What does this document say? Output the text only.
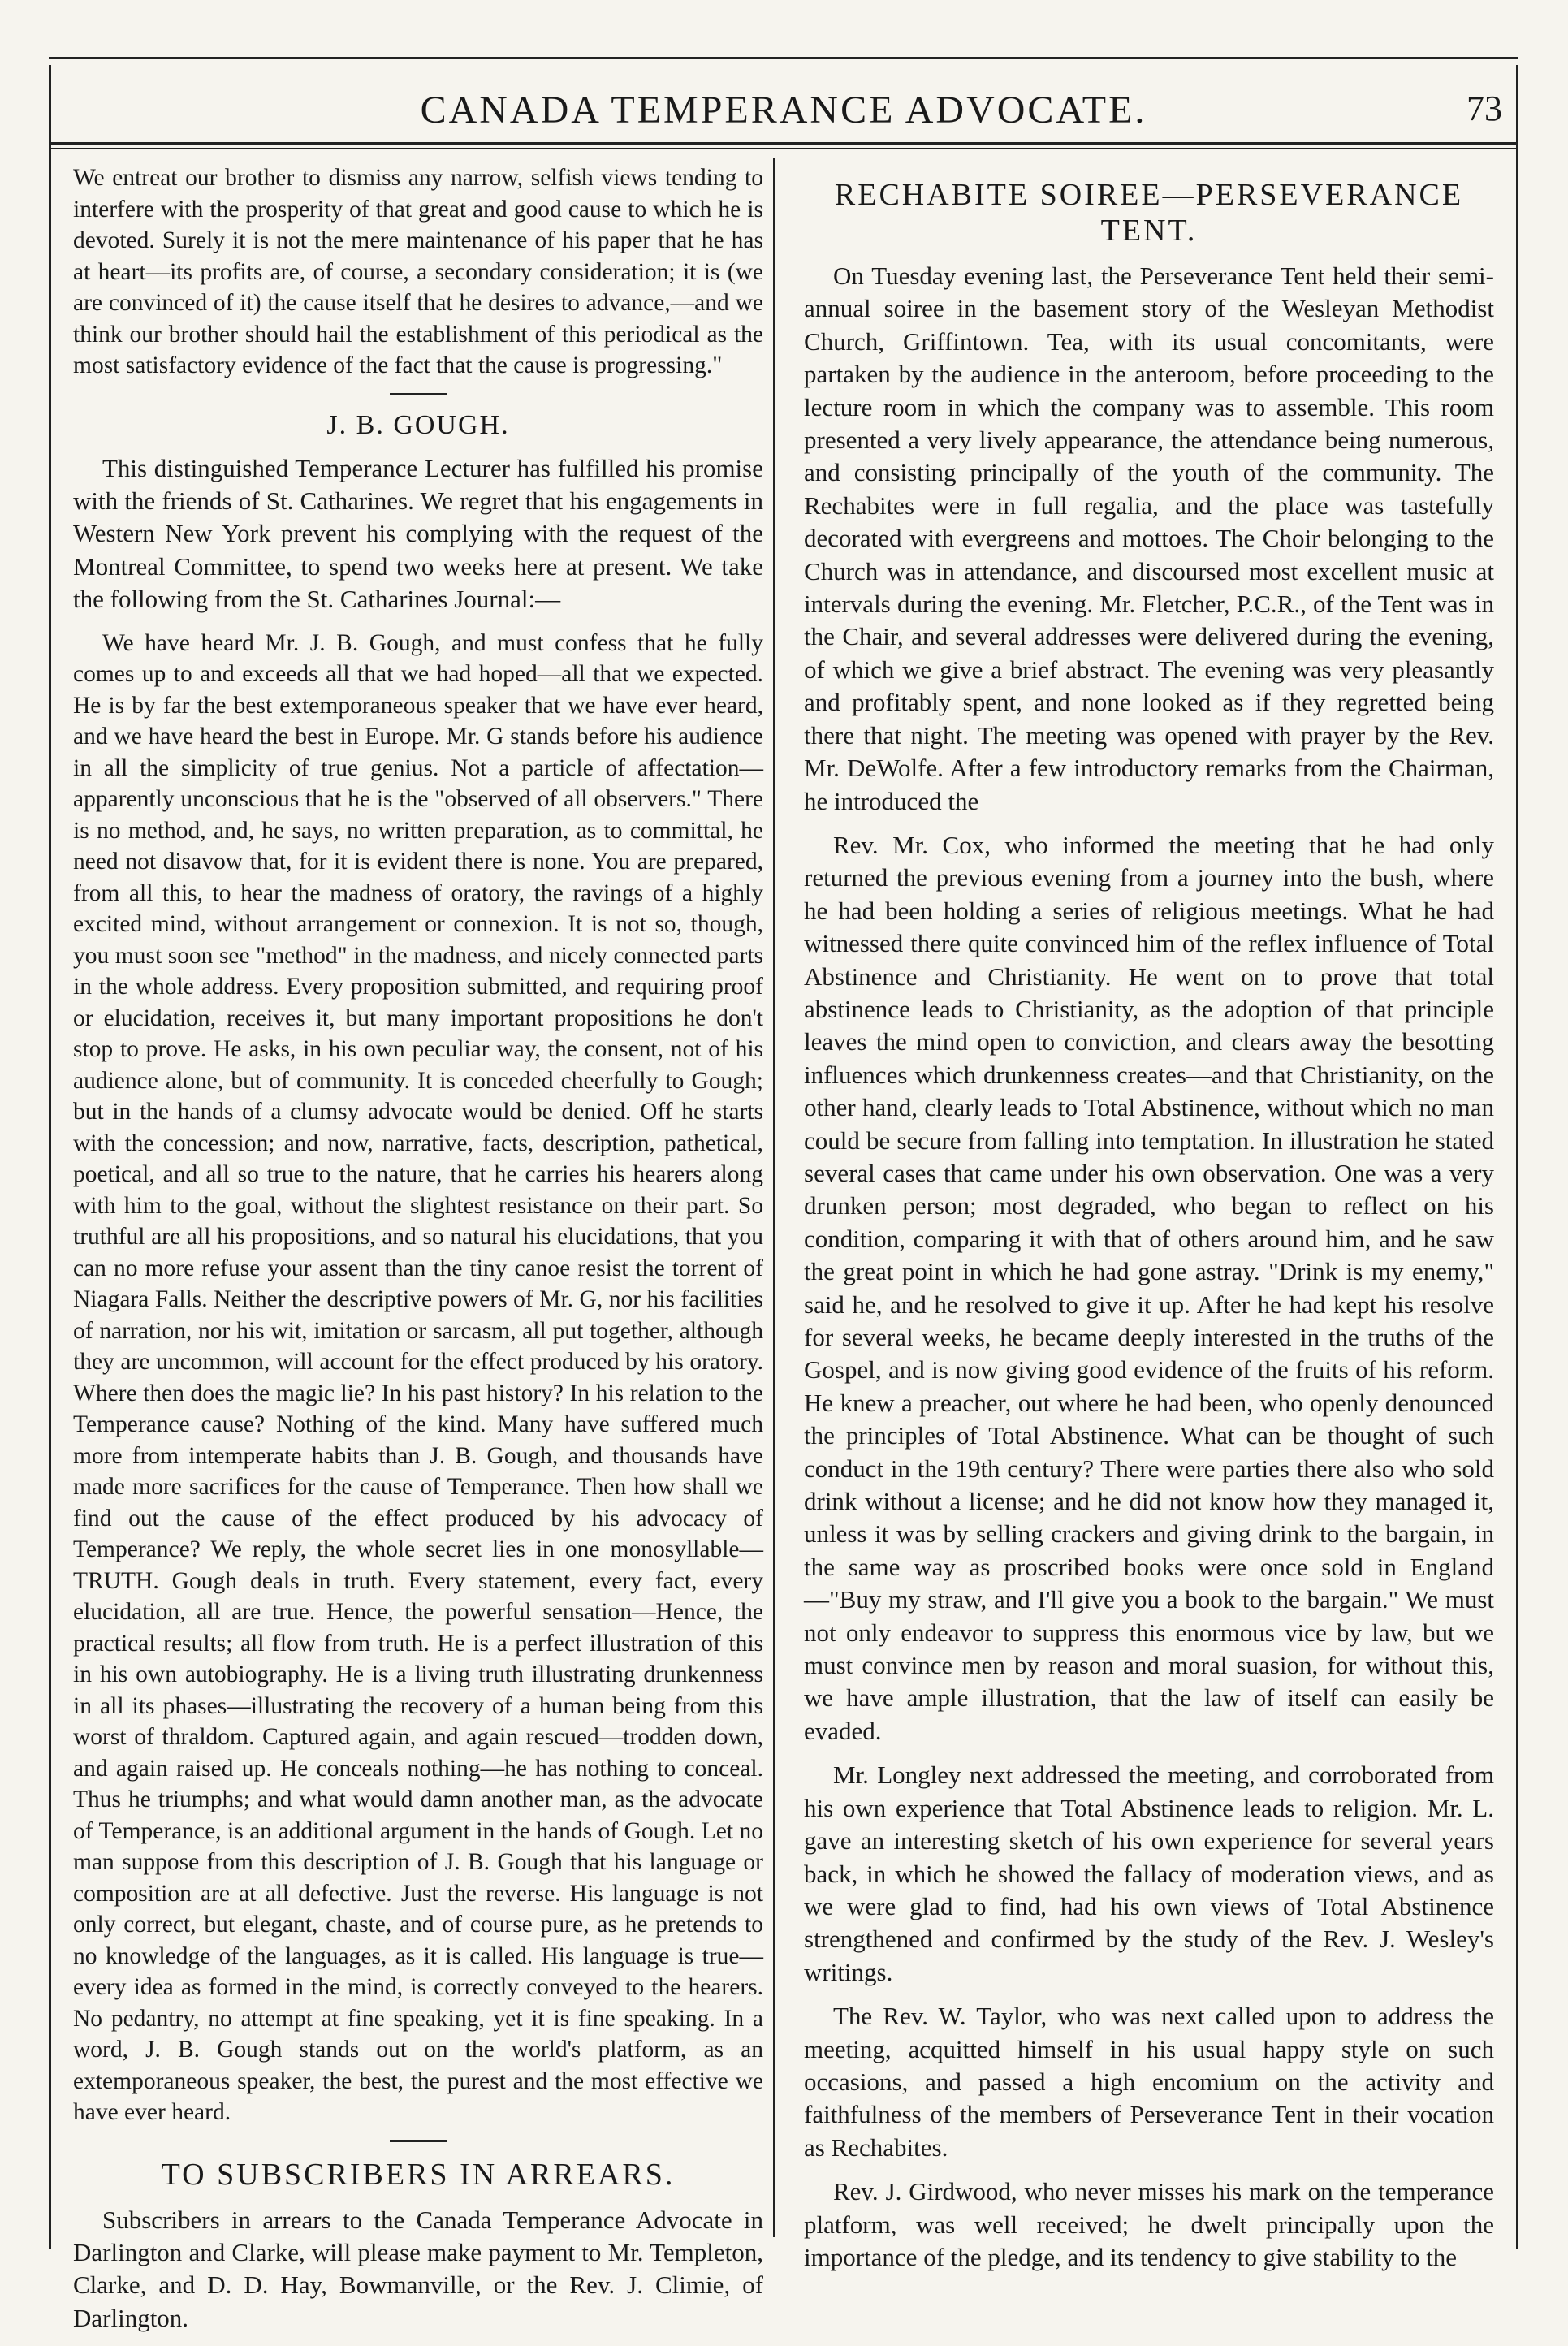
CANADA TEMPERANCE ADVOCATE.	73

We entreat our brother to dismiss any narrow, selfish views tending to interfere with the prosperity of that great and good cause to which he is devoted. Surely it is not the mere maintenance of his paper that he has at heart—its profits are, of course, a secondary consideration; it is (we are convinced of it) the cause itself that he desires to advance,—and we think our brother should hail the establishment of this periodical as the most satisfactory evidence of the fact that the cause is progressing."

J. B. GOUGH.

This distinguished Temperance Lecturer has fulfilled his promise with the friends of St. Catharines. We regret that his engagements in Western New York prevent his complying with the request of the Montreal Committee, to spend two weeks here at present. We take the following from the St. Catharines Journal:—

We have heard Mr. J. B. Gough, and must confess that he fully comes up to and exceeds all that we had hoped—all that we expected. He is by far the best extemporaneous speaker that we have ever heard, and we have heard the best in Europe. Mr. G stands before his audience in all the simplicity of true genius. Not a particle of affectation—apparently unconscious that he is the "observed of all observers." There is no method, and, he says, no written preparation, as to committal, he need not disavow that, for it is evident there is none. You are prepared, from all this, to hear the madness of oratory, the ravings of a highly excited mind, without arrangement or connexion. It is not so, though, you must soon see "method" in the madness, and nicely connected parts in the whole address. Every proposition submitted, and requiring proof or elucidation, receives it, but many important propositions he don't stop to prove. He asks, in his own peculiar way, the consent, not of his audience alone, but of community. It is conceded cheerfully to Gough; but in the hands of a clumsy advocate would be denied. Off he starts with the concession; and now, narrative, facts, description, pathetical, poetical, and all so true to the nature, that he carries his hearers along with him to the goal, without the slightest resistance on their part. So truthful are all his propositions, and so natural his elucidations, that you can no more refuse your assent than the tiny canoe resist the torrent of Niagara Falls. Neither the descriptive powers of Mr. G, nor his facilities of narration, nor his wit, imitation or sarcasm, all put together, although they are uncommon, will account for the effect produced by his oratory. Where then does the magic lie? In his past history? In his relation to the Temperance cause? Nothing of the kind. Many have suffered much more from intemperate habits than J. B. Gough, and thousands have made more sacrifices for the cause of Temperance. Then how shall we find out the cause of the effect produced by his advocacy of Temperance? We reply, the whole secret lies in one monosyllable—TRUTH. Gough deals in truth. Every statement, every fact, every elucidation, all are true. Hence, the powerful sensation—Hence, the practical results; all flow from truth. He is a perfect illustration of this in his own autobiography. He is a living truth illustrating drunkenness in all its phases—illustrating the recovery of a human being from this worst of thraldom. Captured again, and again rescued—trodden down, and again raised up. He conceals nothing—he has nothing to conceal. Thus he triumphs; and what would damn another man, as the advocate of Temperance, is an additional argument in the hands of Gough. Let no man suppose from this description of J. B. Gough that his language or composition are at all defective. Just the reverse. His language is not only correct, but elegant, chaste, and of course pure, as he pretends to no knowledge of the languages, as it is called. His language is true—every idea as formed in the mind, is correctly conveyed to the hearers. No pedantry, no attempt at fine speaking, yet it is fine speaking. In a word, J. B. Gough stands out on the world's platform, as an extemporaneous speaker, the best, the purest and the most effective we have ever heard.

TO SUBSCRIBERS IN ARREARS.

Subscribers in arrears to the Canada Temperance Advocate in Darlington and Clarke, will please make payment to Mr. Templeton, Clarke, and D. D. Hay, Bowmanville, or the Rev. J. Climie, of Darlington.

RECHABITE SOIREE—PERSEVERANCE TENT.

On Tuesday evening last, the Perseverance Tent held their semi-annual soiree in the basement story of the Wesleyan Methodist Church, Griffintown. Tea, with its usual concomitants, were partaken by the audience in the anteroom, before proceeding to the lecture room in which the company was to assemble. This room presented a very lively appearance, the attendance being numerous, and consisting principally of the youth of the community. The Rechabites were in full regalia, and the place was tastefully decorated with evergreens and mottoes. The Choir belonging to the Church was in attendance, and discoursed most excellent music at intervals during the evening. Mr. Fletcher, P.C.R., of the Tent was in the Chair, and several addresses were delivered during the evening, of which we give a brief abstract. The evening was very pleasantly and profitably spent, and none looked as if they regretted being there that night. The meeting was opened with prayer by the Rev. Mr. DeWolfe. After a few introductory remarks from the Chairman, he introduced the

Rev. Mr. Cox, who informed the meeting that he had only returned the previous evening from a journey into the bush, where he had been holding a series of religious meetings. What he had witnessed there quite convinced him of the reflex influence of Total Abstinence and Christianity. He went on to prove that total abstinence leads to Christianity, as the adoption of that principle leaves the mind open to conviction, and clears away the besotting influences which drunkenness creates—and that Christianity, on the other hand, clearly leads to Total Abstinence, without which no man could be secure from falling into temptation. In illustration he stated several cases that came under his own observation. One was a very drunken person; most degraded, who began to reflect on his condition, comparing it with that of others around him, and he saw the great point in which he had gone astray. "Drink is my enemy," said he, and he resolved to give it up. After he had kept his resolve for several weeks, he became deeply interested in the truths of the Gospel, and is now giving good evidence of the fruits of his reform. He knew a preacher, out where he had been, who openly denounced the principles of Total Abstinence. What can be thought of such conduct in the 19th century? There were parties there also who sold drink without a license; and he did not know how they managed it, unless it was by selling crackers and giving drink to the bargain, in the same way as proscribed books were once sold in England—"Buy my straw, and I'll give you a book to the bargain." We must not only endeavor to suppress this enormous vice by law, but we must convince men by reason and moral suasion, for without this, we have ample illustration, that the law of itself can easily be evaded.

Mr. Longley next addressed the meeting, and corroborated from his own experience that Total Abstinence leads to religion. Mr. L. gave an interesting sketch of his own experience for several years back, in which he showed the fallacy of moderation views, and as we were glad to find, had his own views of Total Abstinence strengthened and confirmed by the study of the Rev. J. Wesley's writings.

The Rev. W. Taylor, who was next called upon to address the meeting, acquitted himself in his usual happy style on such occasions, and passed a high encomium on the activity and faithfulness of the members of Perseverance Tent in their vocation as Rechabites.

Rev. J. Girdwood, who never misses his mark on the temperance platform, was well received; he dwelt principally upon the importance of the pledge, and its tendency to give stability to the
